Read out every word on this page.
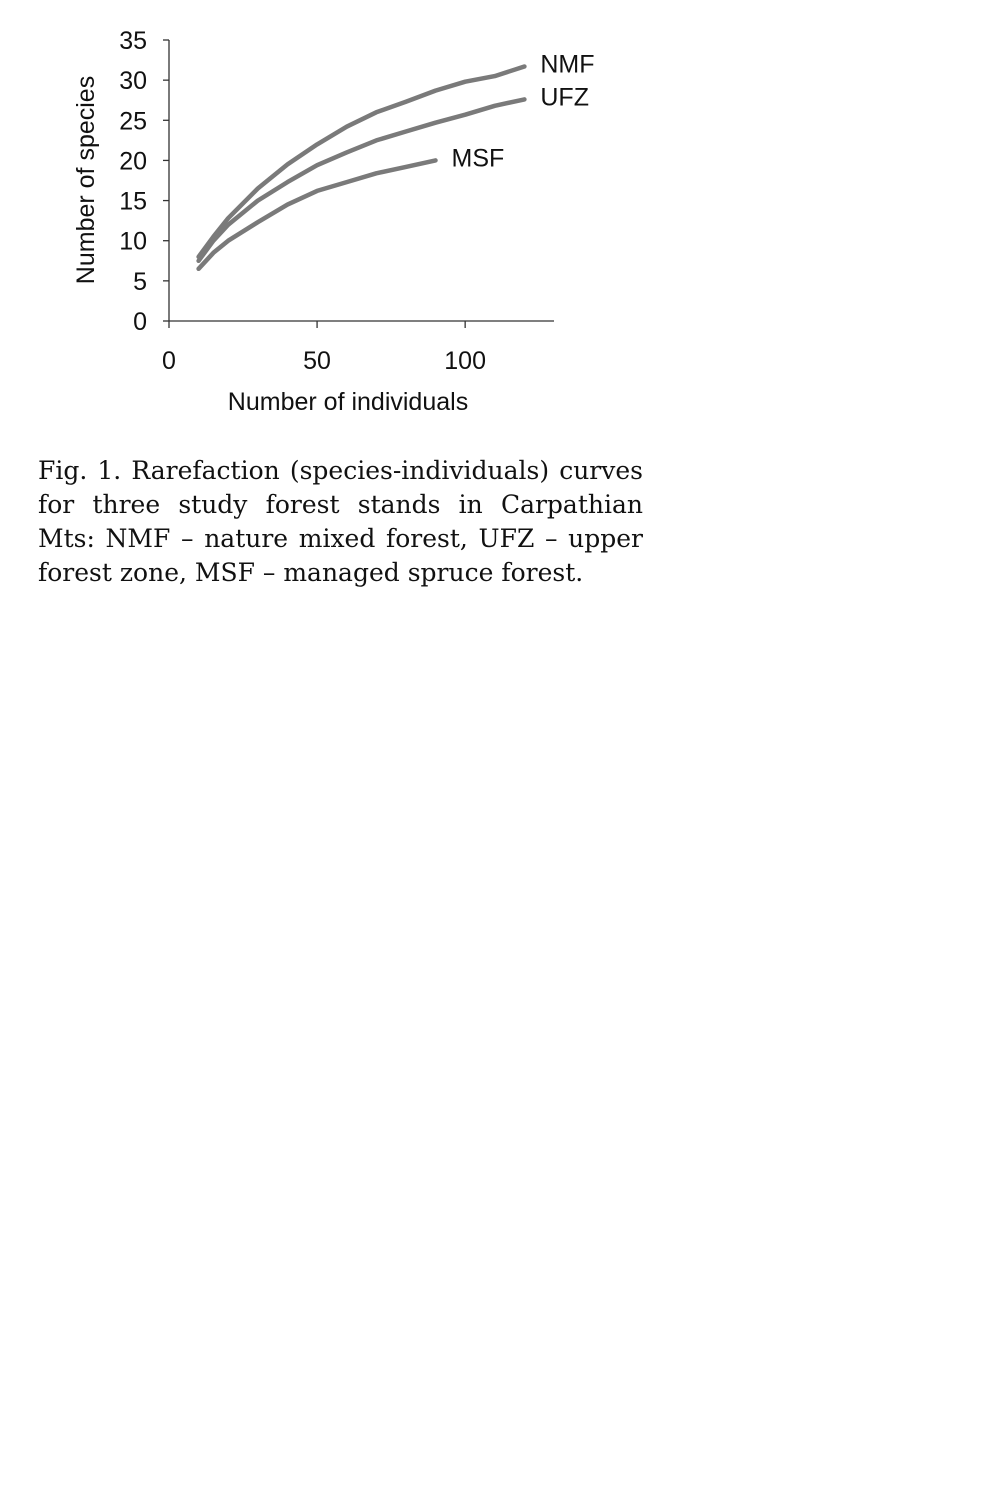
0
5
10
15
20
25
30
35
0	50	100
NMF
UFZ
MSF
Number of individuals
Number of species

Fig. 1. Rarefaction (species-individuals) curves for three study forest stands in Carpathian Mts: NMF – nature mixed forest, UFZ – upper forest zone, MSF – managed spruce forest.
